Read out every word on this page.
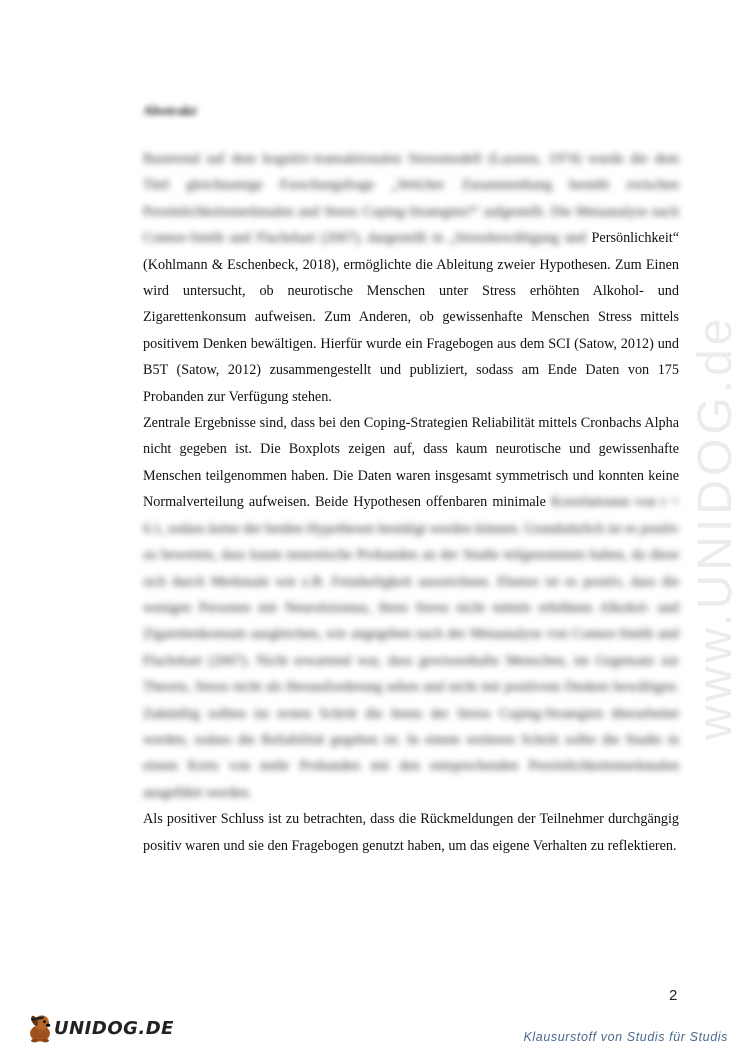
Abstrakt

Basierend auf dem kognitiv-transaktionalen Stressmodell (Lazarus, 1974) wurde die dem Titel gleichnamige Forschungsfrage „Welcher Zusammenhang besteht zwischen Persönlichkeitsmerkmalen und Stress Coping-Strategien?“ aufgestellt. Die Metaanalyse nach Connor-Smith und Flachsbart (2007), dargestellt in „Stressbewältigung und Persönlichkeit“ (Kohlmann & Eschenbeck, 2018), ermöglichte die Ableitung zweier Hypothesen. Zum Einen wird untersucht, ob neurotische Menschen unter Stress erhöhten Alkohol- und Zigarettenkonsum aufweisen. Zum Anderen, ob gewissenhafte Menschen Stress mittels positivem Denken bewältigen. Hierfür wurde ein Fragebogen aus dem SCI (Satow, 2012) und B5T (Satow, 2012) zusammengestellt und publiziert, sodass am Ende Daten von 175 Probanden zur Verfügung stehen.

Zentrale Ergebnisse sind, dass bei den Coping-Strategien Reliabilität mittels Cronbachs Alpha nicht gegeben ist. Die Boxplots zeigen auf, dass kaum neurotische und gewissenhafte Menschen teilgenommen haben. Die Daten waren insgesamt symmetrisch und konnten keine Normalverteilung aufweisen. Beide Hypothesen offenbaren minimale Korrelationen von r < 0.1, sodass keine der beiden Hypothesen bestätigt werden können. Grundsätzlich ist es positiv zu bewerten, dass kaum neurotische Probanden an der Studie teilgenommen haben, da diese sich durch Merkmale wie z.B. Feindseligkeit auszeichnen. Ebenso ist es positiv, dass die wenigen Personen mit Neurotizismus, ihren Stress nicht mittels erhöhtem Alkohol- und Zigarettenkonsum ausgleichen, wie angegeben nach der Metaanalyse von Connor-Smith und Flachsbart (2007). Nicht erwartend war, dass gewissenhafte Menschen, im Gegensatz zur Theorie, Stress nicht als Herausforderung sehen und nicht mit positivem Denken bewältigen. Zukünftig sollten im ersten Schritt die Items der Stress Coping-Strategien überarbeitet werden, sodass die Reliabilität gegeben ist. In einem weiteren Schritt sollte die Studie in einem Kreis von mehr Probanden mit den entsprechenden Persönlichkeitsmerkmalen ausgeführt werden.

Als positiver Schluss ist zu betrachten, dass die Rückmeldungen der Teilnehmer durchgängig positiv waren und sie den Fragebogen genutzt haben, um das eigene Verhalten zu reflektieren.

www.UNIDOG.de
2
UNIDOG.DE	Klausurstoff von Studis für Studis
